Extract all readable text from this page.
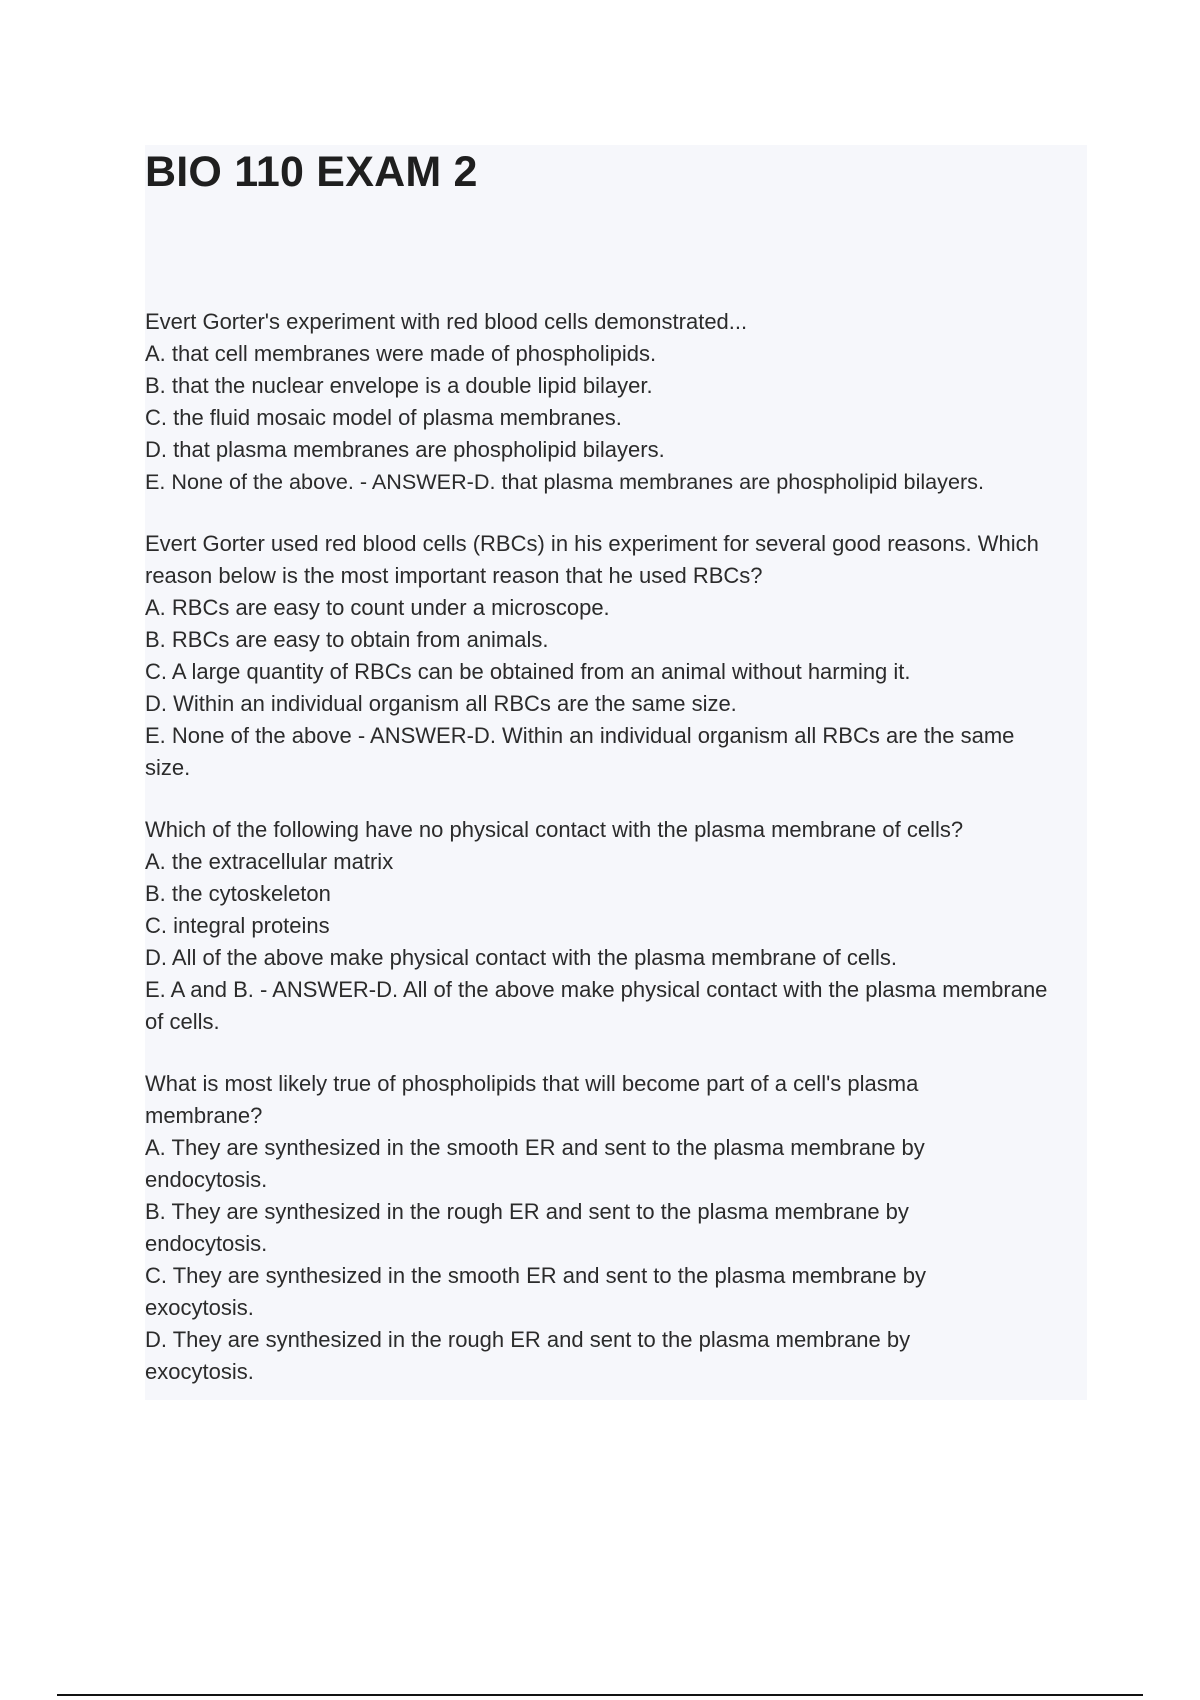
BIO 110 EXAM 2

Evert Gorter's experiment with red blood cells demonstrated...

A. that cell membranes were made of phospholipids.

B. that the nuclear envelope is a double lipid bilayer.

C. the fluid mosaic model of plasma membranes.

D. that plasma membranes are phospholipid bilayers.

E. None of the above. - ANSWER-D. that plasma membranes are phospholipid bilayers.

Evert Gorter used red blood cells (RBCs) in his experiment for several good reasons. Which reason below is the most important reason that he used RBCs?

A. RBCs are easy to count under a microscope.

B. RBCs are easy to obtain from animals.

C. A large quantity of RBCs can be obtained from an animal without harming it.

D. Within an individual organism all RBCs are the same size.

E. None of the above - ANSWER-D. Within an individual organism all RBCs are the same size.

Which of the following have no physical contact with the plasma membrane of cells?

A. the extracellular matrix

B. the cytoskeleton

C. integral proteins

D. All of the above make physical contact with the plasma membrane of cells.

E. A and B. - ANSWER-D. All of the above make physical contact with the plasma membrane of cells.

What is most likely true of phospholipids that will become part of a cell's plasma membrane?

A. They are synthesized in the smooth ER and sent to the plasma membrane by endocytosis.

B. They are synthesized in the rough ER and sent to the plasma membrane by endocytosis.

C. They are synthesized in the smooth ER and sent to the plasma membrane by exocytosis.

D. They are synthesized in the rough ER and sent to the plasma membrane by exocytosis.
